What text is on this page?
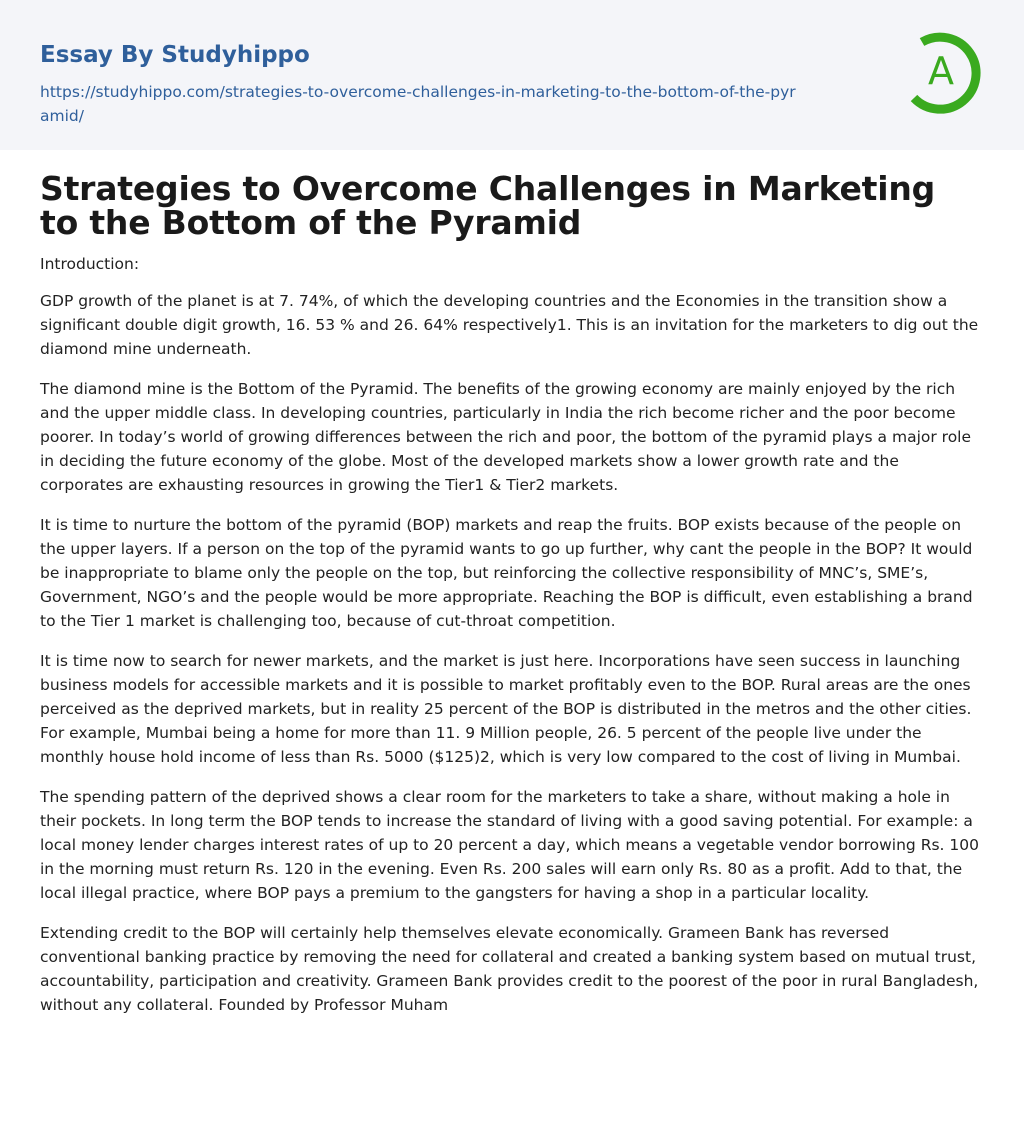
Essay By Studyhippo
https://studyhippo.com/strategies-to-overcome-challenges-in-marketing-to-the-bottom-of-the-pyramid/
A
Strategies to Overcome Challenges in Marketing to the Bottom of the Pyramid

Introduction:

GDP growth of the planet is at 7. 74%, of which the developing countries and the Economies in the transition show a significant double digit growth, 16. 53 % and 26. 64% respectively1. This is an invitation for the marketers to dig out the diamond mine underneath.

The diamond mine is the Bottom of the Pyramid. The benefits of the growing economy are mainly enjoyed by the rich and the upper middle class. In developing countries, particularly in India the rich become richer and the poor become poorer. In today’s world of growing differences between the rich and poor, the bottom of the pyramid plays a major role in deciding the future economy of the globe. Most of the developed markets show a lower growth rate and the corporates are exhausting resources in growing the Tier1 & Tier2 markets.

It is time to nurture the bottom of the pyramid (BOP) markets and reap the fruits. BOP exists because of the people on the upper layers. If a person on the top of the pyramid wants to go up further, why cant the people in the BOP? It would be inappropriate to blame only the people on the top, but reinforcing the collective responsibility of MNC’s, SME’s, Government, NGO’s and the people would be more appropriate. Reaching the BOP is difficult, even establishing a brand to the Tier 1 market is challenging too, because of cut-throat competition.

It is time now to search for newer markets, and the market is just here. Incorporations have seen success in launching business models for accessible markets and it is possible to market profitably even to the BOP. Rural areas are the ones perceived as the deprived markets, but in reality 25 percent of the BOP is distributed in the metros and the other cities. For example, Mumbai being a home for more than 11. 9 Million people, 26. 5 percent of the people live under the monthly house hold income of less than Rs. 5000 ($125)2, which is very low compared to the cost of living in Mumbai.

The spending pattern of the deprived shows a clear room for the marketers to take a share, without making a hole in their pockets. In long term the BOP tends to increase the standard of living with a good saving potential. For example: a local money lender charges interest rates of up to 20 percent a day, which means a vegetable vendor borrowing Rs. 100 in the morning must return Rs. 120 in the evening. Even Rs. 200 sales will earn only Rs. 80 as a profit. Add to that, the local illegal practice, where BOP pays a premium to the gangsters for having a shop in a particular locality.

Extending credit to the BOP will certainly help themselves elevate economically. Grameen Bank has reversed conventional banking practice by removing the need for collateral and created a banking system based on mutual trust, accountability, participation and creativity. Grameen Bank provides credit to the poorest of the poor in rural Bangladesh, without any collateral. Founded by Professor Muham
